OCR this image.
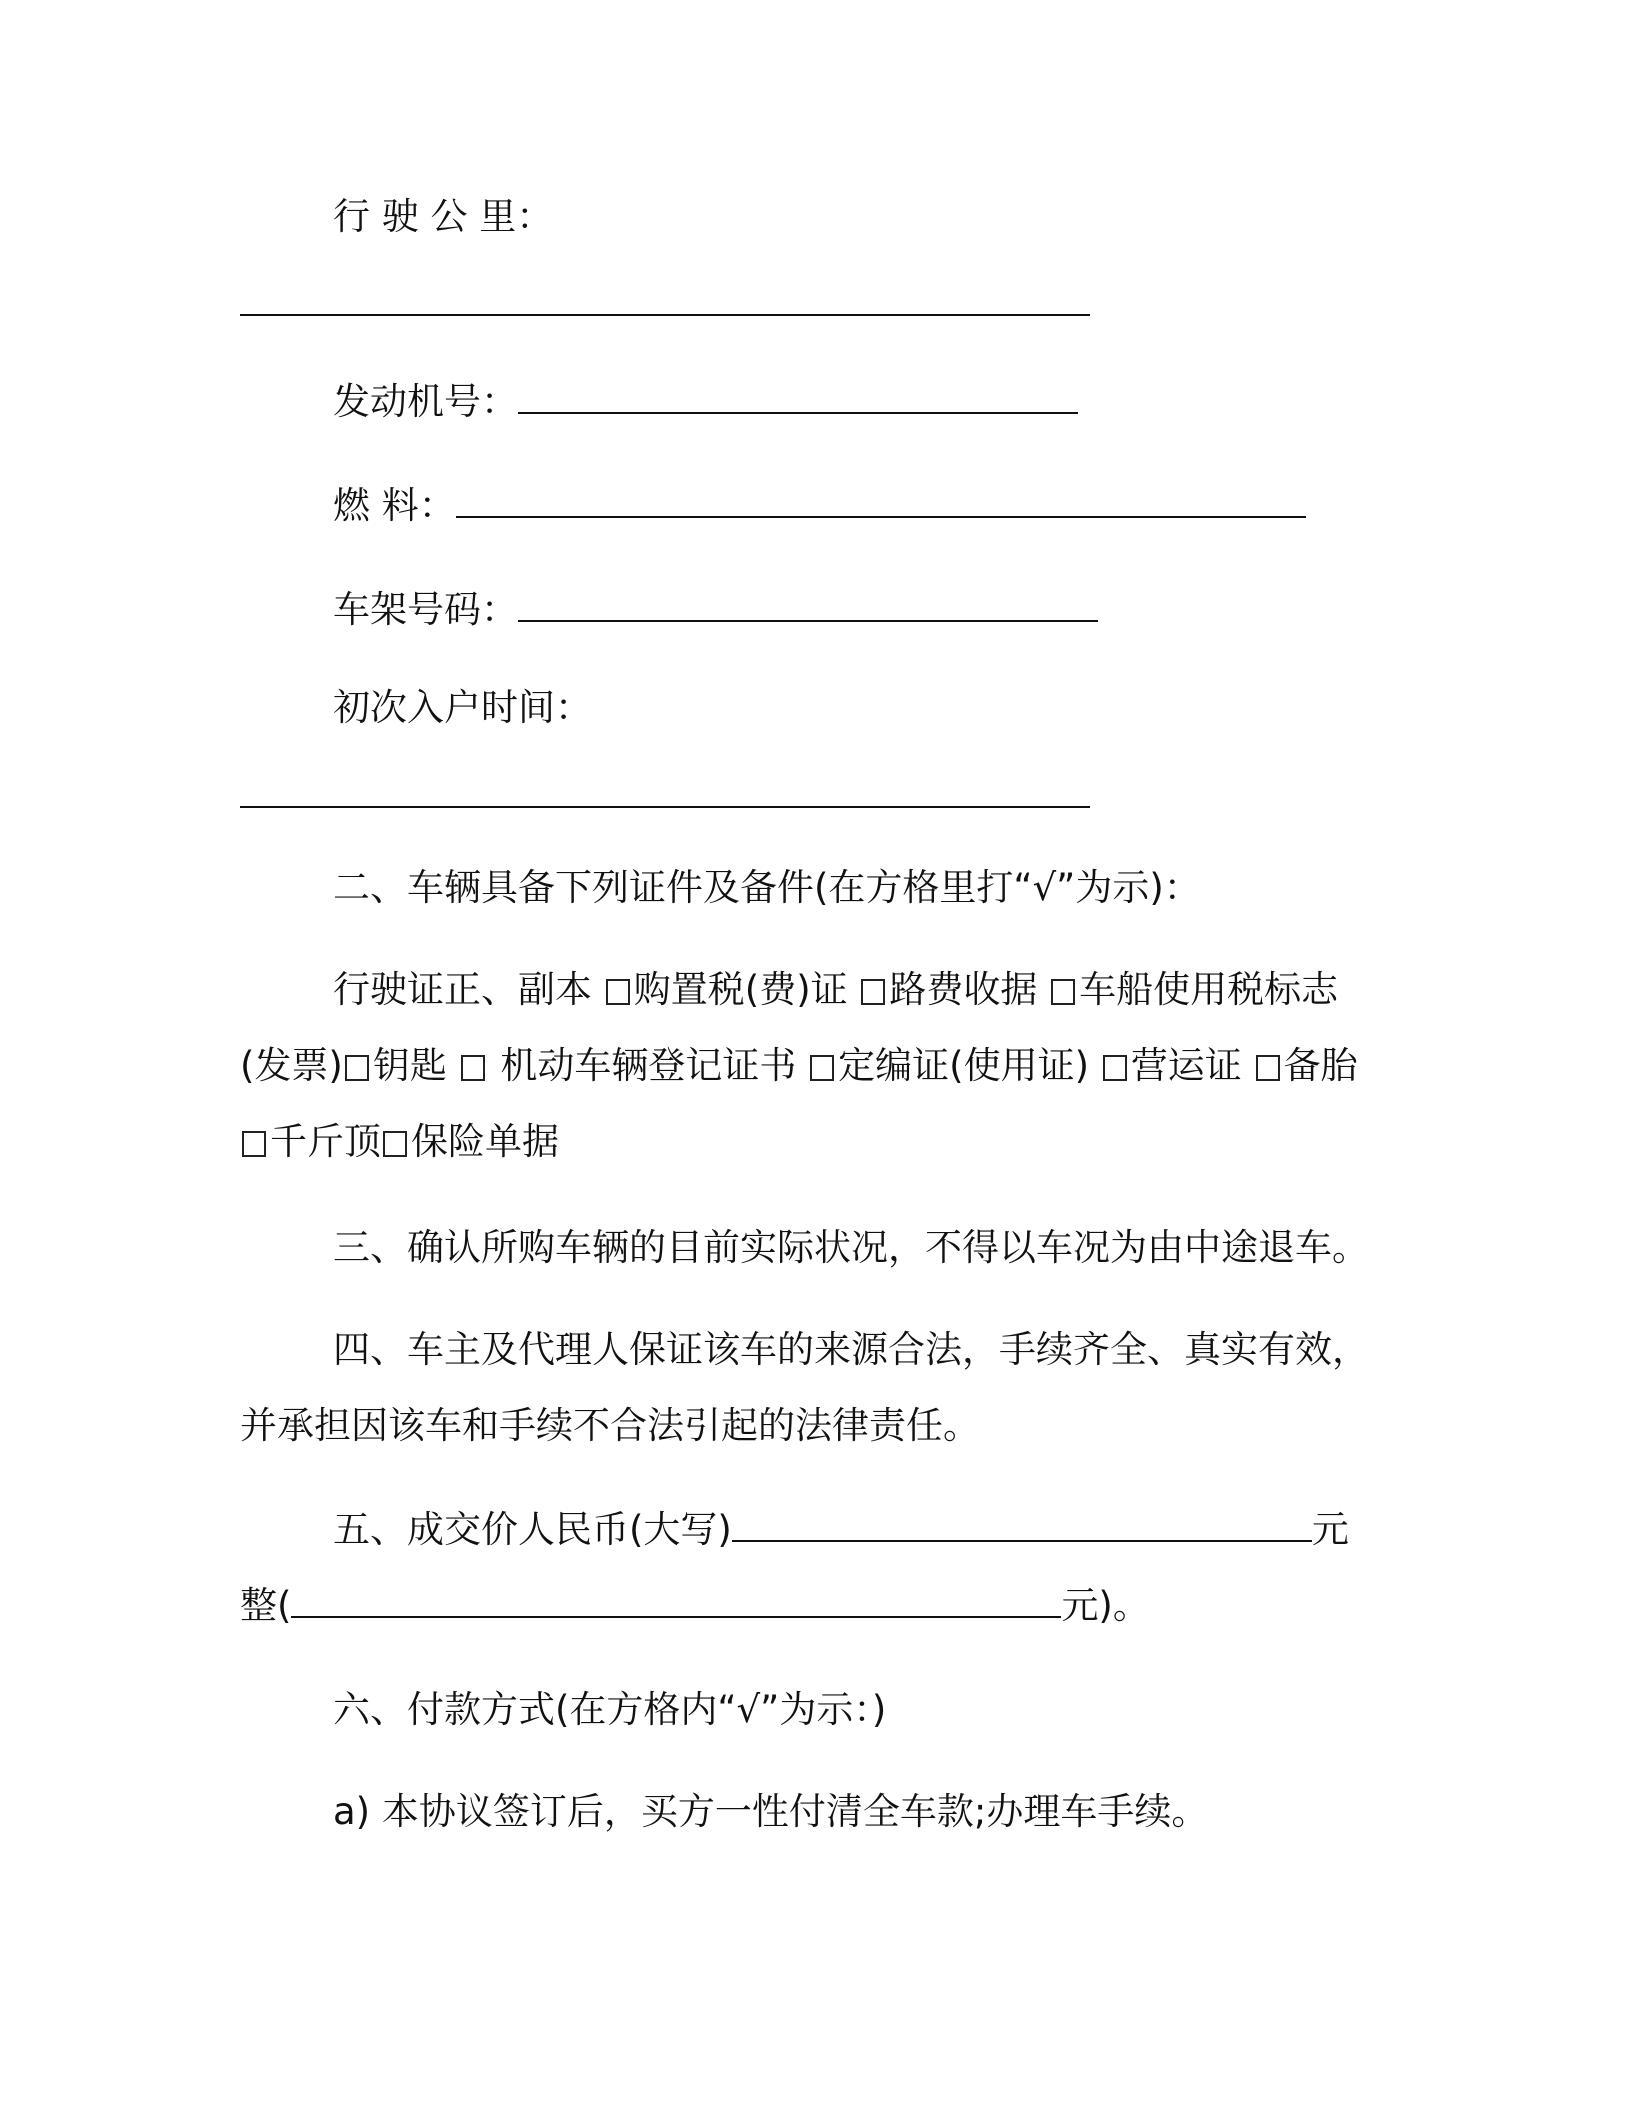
行 驶 公 里：
发动机号：
燃 料：
车架号码：
初次入户时间：
二、车辆具备下列证件及备件(在方格里打“√”为示)：
行驶证正、副本 购置税(费)证 路费收据 车船使用税标志
(发票) 钥匙 机动车辆登记证书 定编证(使用证) 营运证 备胎
千斤顶 保险单据
三、确认所购车辆的目前实际状况，不得以车况为由中途退车。
四、车主及代理人保证该车的来源合法，手续齐全、真实有效，
并承担因该车和手续不合法引起的法律责任。
五、成交价人民币(大写)	元
整(	元)。
六、付款方式(在方格内“√”为示：)
a) 本协议签订后，买方一性付清全车款;办理车手续。
